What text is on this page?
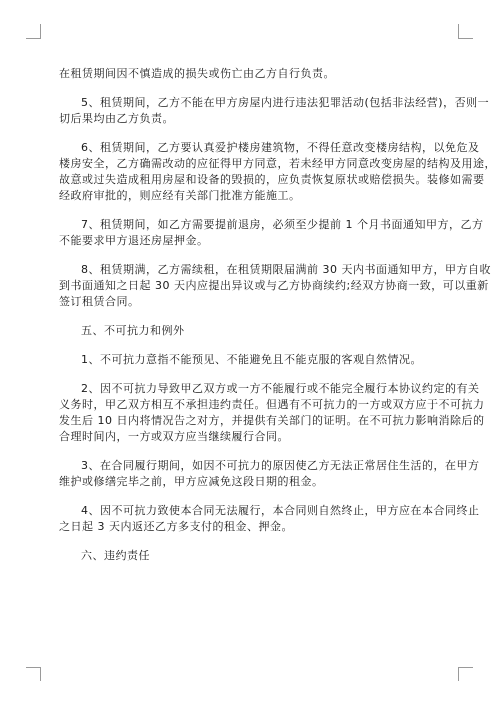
在租赁期间因不慎造成的损失或伤亡由乙方自行负责。
5、租赁期间，乙方不能在甲方房屋内进行违法犯罪活动(包括非法经营)，否则一
切后果均由乙方负责。
6、租赁期间，乙方要认真爱护楼房建筑物，不得任意改变楼房结构，以免危及
楼房安全，乙方确需改动的应征得甲方同意，若未经甲方同意改变房屋的结构及用途，
故意或过失造成租用房屋和设备的毁损的，应负责恢复原状或赔偿损失。装修如需要
经政府审批的，则应经有关部门批准方能施工。
7、租赁期间，如乙方需要提前退房，必须至少提前 1 个月书面通知甲方，乙方
不能要求甲方退还房屋押金。
8、租赁期满，乙方需续租，在租赁期限届满前 30 天内书面通知甲方，甲方自收
到书面通知之日起 30 天内应提出异议或与乙方协商续约;经双方协商一致，可以重新
签订租赁合同。
五、不可抗力和例外
1、不可抗力意指不能预见、不能避免且不能克服的客观自然情况。
2、因不可抗力导致甲乙双方或一方不能履行或不能完全履行本协议约定的有关
义务时，甲乙双方相互不承担违约责任。但遇有不可抗力的一方或双方应于不可抗力
发生后 10 日内将情况告之对方，并提供有关部门的证明。在不可抗力影响消除后的
合理时间内，一方或双方应当继续履行合同。
3、在合同履行期间，如因不可抗力的原因使乙方无法正常居住生活的，在甲方
维护或修缮完毕之前，甲方应减免这段日期的租金。
4、因不可抗力致使本合同无法履行，本合同则自然终止，甲方应在本合同终止
之日起 3 天内返还乙方多支付的租金、押金。
六、违约责任
